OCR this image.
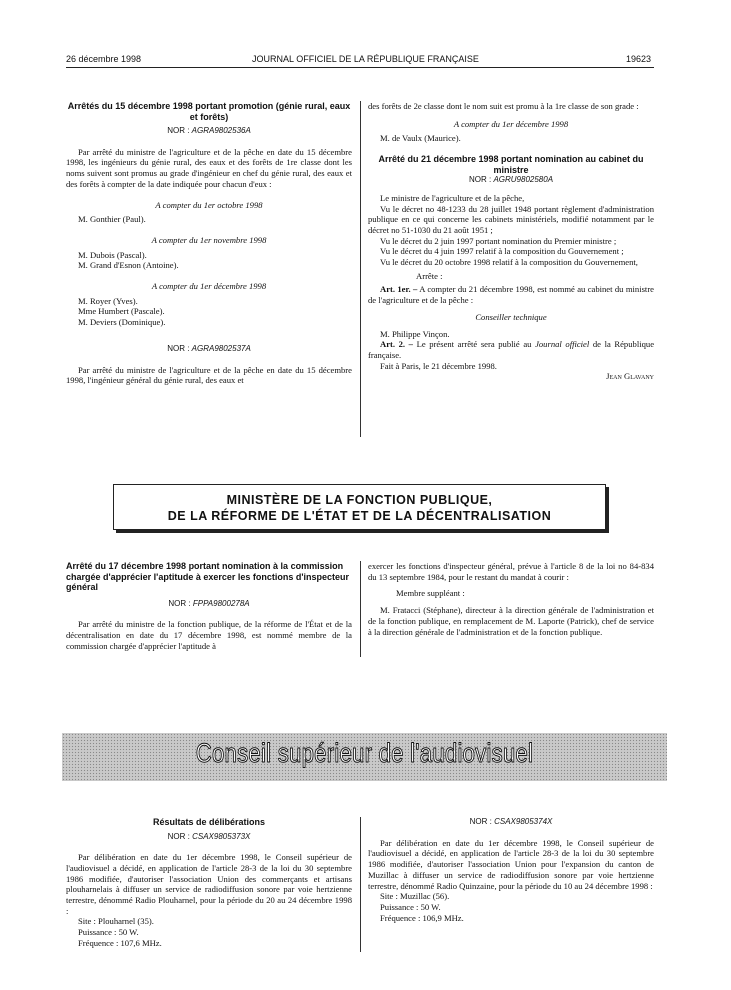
26 décembre 1998	JOURNAL OFFICIEL DE LA RÉPUBLIQUE FRANÇAISE	19623

Arrêtés du 15 décembre 1998 portant promotion (génie rural, eaux et forêts)

NOR : AGRA9802536A

Par arrêté du ministre de l'agriculture et de la pêche en date du 15 décembre 1998, les ingénieurs du génie rural, des eaux et des forêts de 1re classe dont les noms suivent sont promus au grade d'ingénieur en chef du génie rural, des eaux et des forêts à compter de la date indiquée pour chacun d'eux :

A compter du 1er octobre 1998

M. Gonthier (Paul).

A compter du 1er novembre 1998

M. Dubois (Pascal).

M. Grand d'Esnon (Antoine).

A compter du 1er décembre 1998

M. Royer (Yves).

Mme Humbert (Pascale).

M. Deviers (Dominique).

NOR : AGRA9802537A

Par arrêté du ministre de l'agriculture et de la pêche en date du 15 décembre 1998, l'ingénieur général du génie rural, des eaux et

des forêts de 2e classe dont le nom suit est promu à la 1re classe de son grade :

A compter du 1er décembre 1998

M. de Vaulx (Maurice).

Arrêté du 21 décembre 1998 portant nomination au cabinet du ministre

NOR : AGRU9802580A

Le ministre de l'agriculture et de la pêche,

Vu le décret no 48-1233 du 28 juillet 1948 portant règlement d'administration publique en ce qui concerne les cabinets ministériels, modifié notamment par le décret no 51-1030 du 21 août 1951 ;

Vu le décret du 2 juin 1997 portant nomination du Premier ministre ;

Vu le décret du 4 juin 1997 relatif à la composition du Gouvernement ;

Vu le décret du 20 octobre 1998 relatif à la composition du Gouvernement,

Arrête :

Art. 1er. – A compter du 21 décembre 1998, est nommé au cabinet du ministre de l'agriculture et de la pêche :

Conseiller technique

M. Philippe Vinçon.

Art. 2. – Le présent arrêté sera publié au Journal officiel de la République française.

Fait à Paris, le 21 décembre 1998.

Jean Glavany

MINISTÈRE DE LA FONCTION PUBLIQUE,
DE LA RÉFORME DE L'ÉTAT ET DE LA DÉCENTRALISATION

Arrêté du 17 décembre 1998 portant nomination à la commission chargée d'apprécier l'aptitude à exercer les fonctions d'inspecteur général

NOR : FPPA9800278A

Par arrêté du ministre de la fonction publique, de la réforme de l'État et de la décentralisation en date du 17 décembre 1998, est nommé membre de la commission chargée d'apprécier l'aptitude à

exercer les fonctions d'inspecteur général, prévue à l'article 8 de la loi no 84-834 du 13 septembre 1984, pour le restant du mandat à courir :

Membre suppléant :

M. Fratacci (Stéphane), directeur à la direction générale de l'administration et de la fonction publique, en remplacement de M. Laporte (Patrick), chef de service à la direction générale de l'administration et de la fonction publique.

Conseil supérieur de l'audiovisuel

Résultats de délibérations

NOR : CSAX9805373X

Par délibération en date du 1er décembre 1998, le Conseil supérieur de l'audiovisuel a décidé, en application de l'article 28-3 de la loi du 30 septembre 1986 modifiée, d'autoriser l'association Union des commerçants et artisans plouharnelais à diffuser un service de radiodiffusion sonore par voie hertzienne terrestre, dénommé Radio Plouharnel, pour la période du 20 au 24 décembre 1998 :

Site : Plouharnel (35).

Puissance : 50 W.

Fréquence : 107,6 MHz.

NOR : CSAX9805374X

Par délibération en date du 1er décembre 1998, le Conseil supérieur de l'audiovisuel a décidé, en application de l'article 28-3 de la loi du 30 septembre 1986 modifiée, d'autoriser l'association Union pour l'expansion du canton de Muzillac à diffuser un service de radiodiffusion sonore par voie hertzienne terrestre, dénommé Radio Quinzaine, pour la période du 10 au 24 décembre 1998 :

Site : Muzillac (56).

Puissance : 50 W.

Fréquence : 106,9 MHz.
